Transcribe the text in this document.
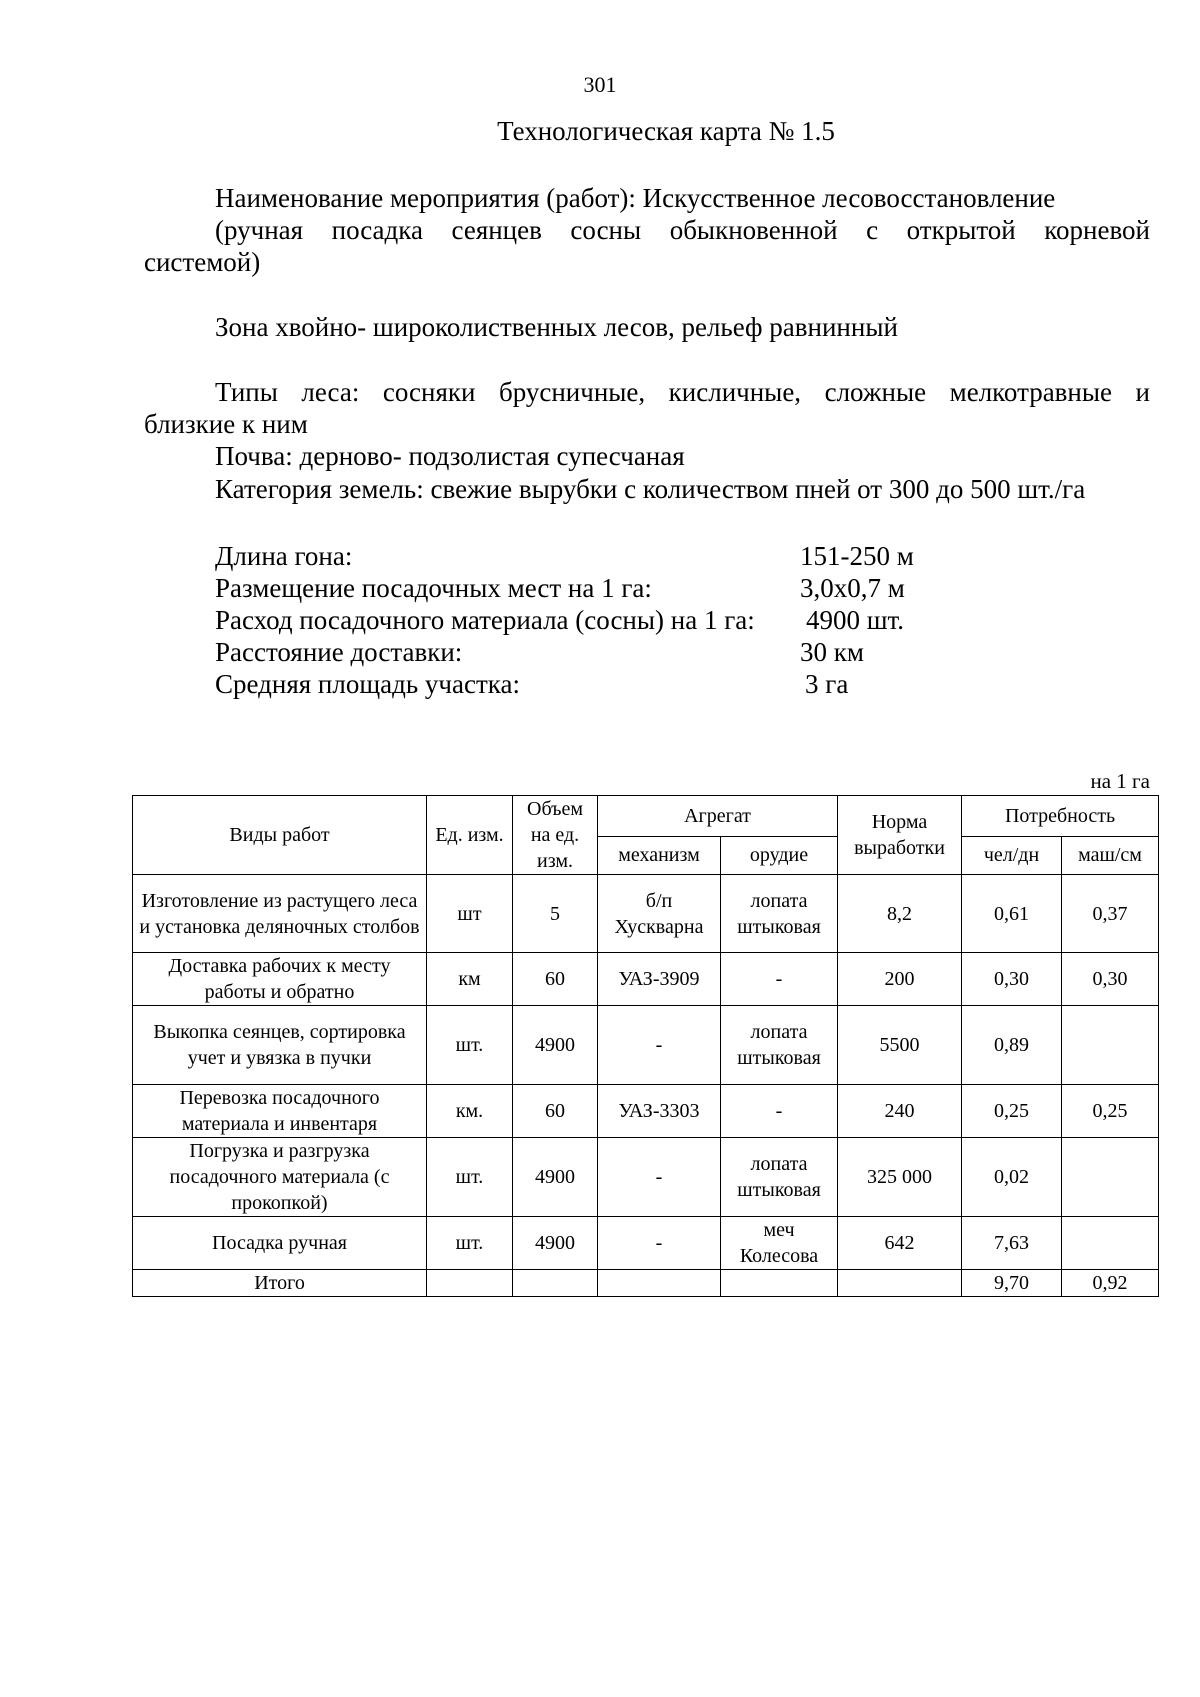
301
Технологическая карта № 1.5
Наименование мероприятия (работ): Искусственное лесовосстановление
(ручная посадка сеянцев сосны обыкновенной с открытой корневой
системой)
Зона хвойно- широколиственных лесов, рельеф равнинный
Типы леса: сосняки брусничные, кисличные, сложные мелкотравные и
близкие к ним
Почва: дерново- подзолистая супесчаная
Категория земель: свежие вырубки с количеством пней от 300 до 500 шт./га
Длина гона:	151-250 м
Размещение посадочных мест на 1 га:	3,0х0,7 м
Расход посадочного материала (сосны) на 1 га: 4900 шт.
Расстояние доставки:	30 км
Средняя площадь участка:	3 га
на 1 га
Виды работ	Ед. изм.	Объем на ед. изм.	Агрегат		Норма выработки	Потребность	
			механизм	орудие		чел/дн	маш/см
Изготовление из растущего леса и установка деляночных столбов	шт	5	б/п Хускварна	лопата штыковая	8,2	0,61	0,37
Доставка рабочих к месту работы и обратно	км	60	УАЗ-3909	-	200	0,30	0,30
Выкопка сеянцев, сортировка учет и увязка в пучки	шт.	4900	-	лопата штыковая	5500	0,89	
Перевозка посадочного материала и инвентаря	км.	60	УАЗ-3303	-	240	0,25	0,25
Погрузка и разгрузка посадочного материала (с прокопкой)	шт.	4900	-	лопата штыковая	325 000	0,02	
Посадка ручная	шт.	4900	-	меч Колесова	642	7,63	
Итого						9,70	0,92
